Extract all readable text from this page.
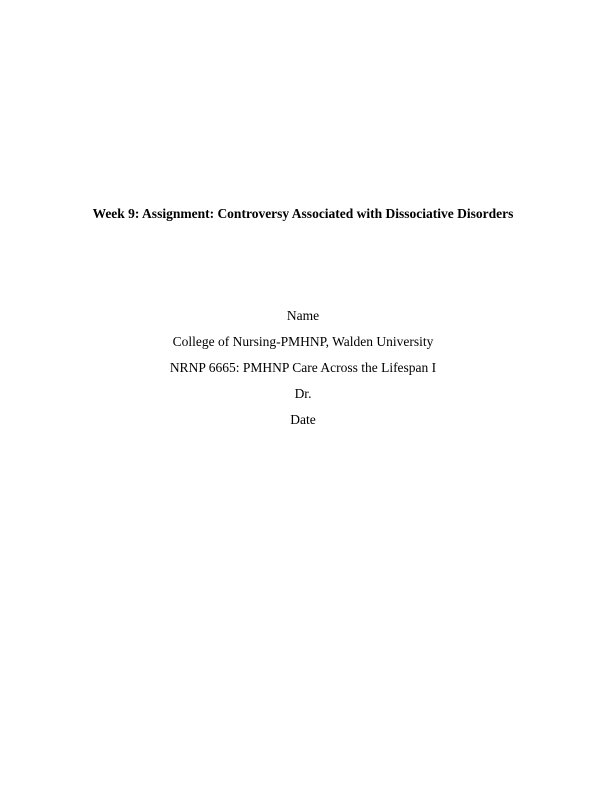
Week 9: Assignment: Controversy Associated with Dissociative Disorders
Name
College of Nursing-PMHNP, Walden University
NRNP 6665: PMHNP Care Across the Lifespan I
Dr.
Date
